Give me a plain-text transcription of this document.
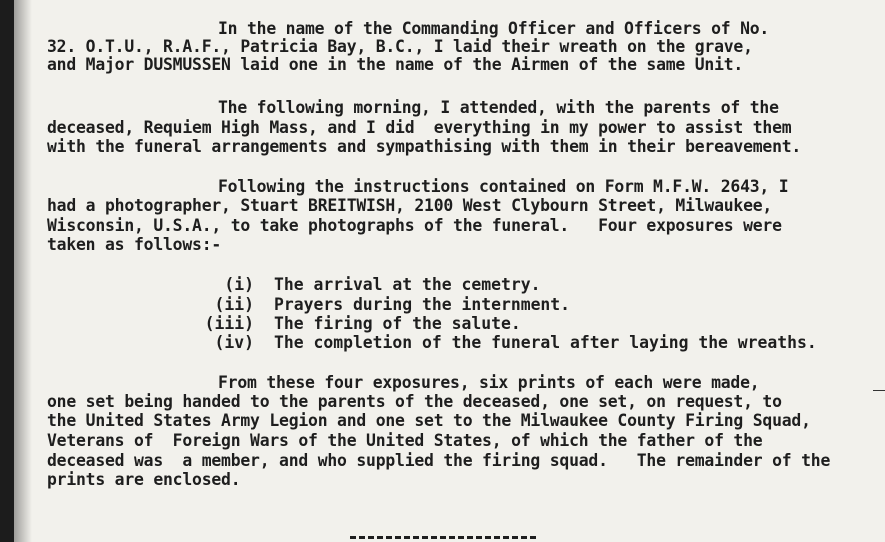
In the name of the Commanding Officer and Officers of No.
32. O.T.U., R.A.F., Patricia Bay, B.C., I laid their wreath on the grave,
and Major DUSMUSSEN laid one in the name of the Airmen of the same Unit.
The following morning, I attended, with the parents of the
deceased, Requiem High Mass, and I did  everything in my power to assist them
with the funeral arrangements and sympathising with them in their bereavement.
Following the instructions contained on Form M.F.W. 2643, I
had a photographer, Stuart BREITWISH, 2100 West Clybourn Street, Milwaukee,
Wisconsin, U.S.A., to take photographs of the funeral.   Four exposures were
taken as follows:-
(i) The arrival at the cemetry.
(ii) Prayers during the internment.
(iii) The firing of the salute.
(iv) The completion of the funeral after laying the wreaths.
From these four exposures, six prints of each were made,
one set being handed to the parents of the deceased, one set, on request, to
the United States Army Legion and one set to the Milwaukee County Firing Squad,
Veterans of  Foreign Wars of the United States, of which the father of the
deceased was  a member, and who supplied the firing squad.   The remainder of the
prints are enclosed.
